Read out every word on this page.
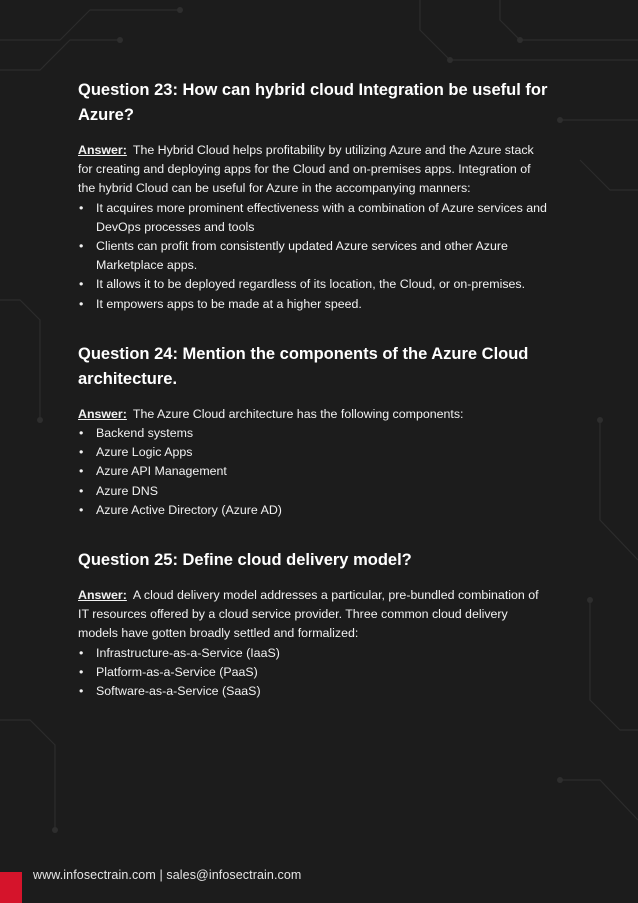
Question 23: How can hybrid cloud Integration be useful for Azure?

Answer: The Hybrid Cloud helps profitability by utilizing Azure and the Azure stack for creating and deploying apps for the Cloud and on-premises apps. Integration of the hybrid Cloud can be useful for Azure in the accompanying manners:

• It acquires more prominent effectiveness with a combination of Azure services and DevOps processes and tools
• Clients can profit from consistently updated Azure services and other Azure Marketplace apps.
• It allows it to be deployed regardless of its location, the Cloud, or on-premises.
• It empowers apps to be made at a higher speed.
Question 24: Mention the components of the Azure Cloud architecture.

Answer: The Azure Cloud architecture has the following components:

• Backend systems
• Azure Logic Apps
• Azure API Management
• Azure DNS
• Azure Active Directory (Azure AD)
Question 25: Define cloud delivery model?

Answer: A cloud delivery model addresses a particular, pre-bundled combination of IT resources offered by a cloud service provider. Three common cloud delivery models have gotten broadly settled and formalized:

• Infrastructure-as-a-Service (IaaS)
• Platform-as-a-Service (PaaS)
• Software-as-a-Service (SaaS)
www.infosectrain.com | sales@infosectrain.com
